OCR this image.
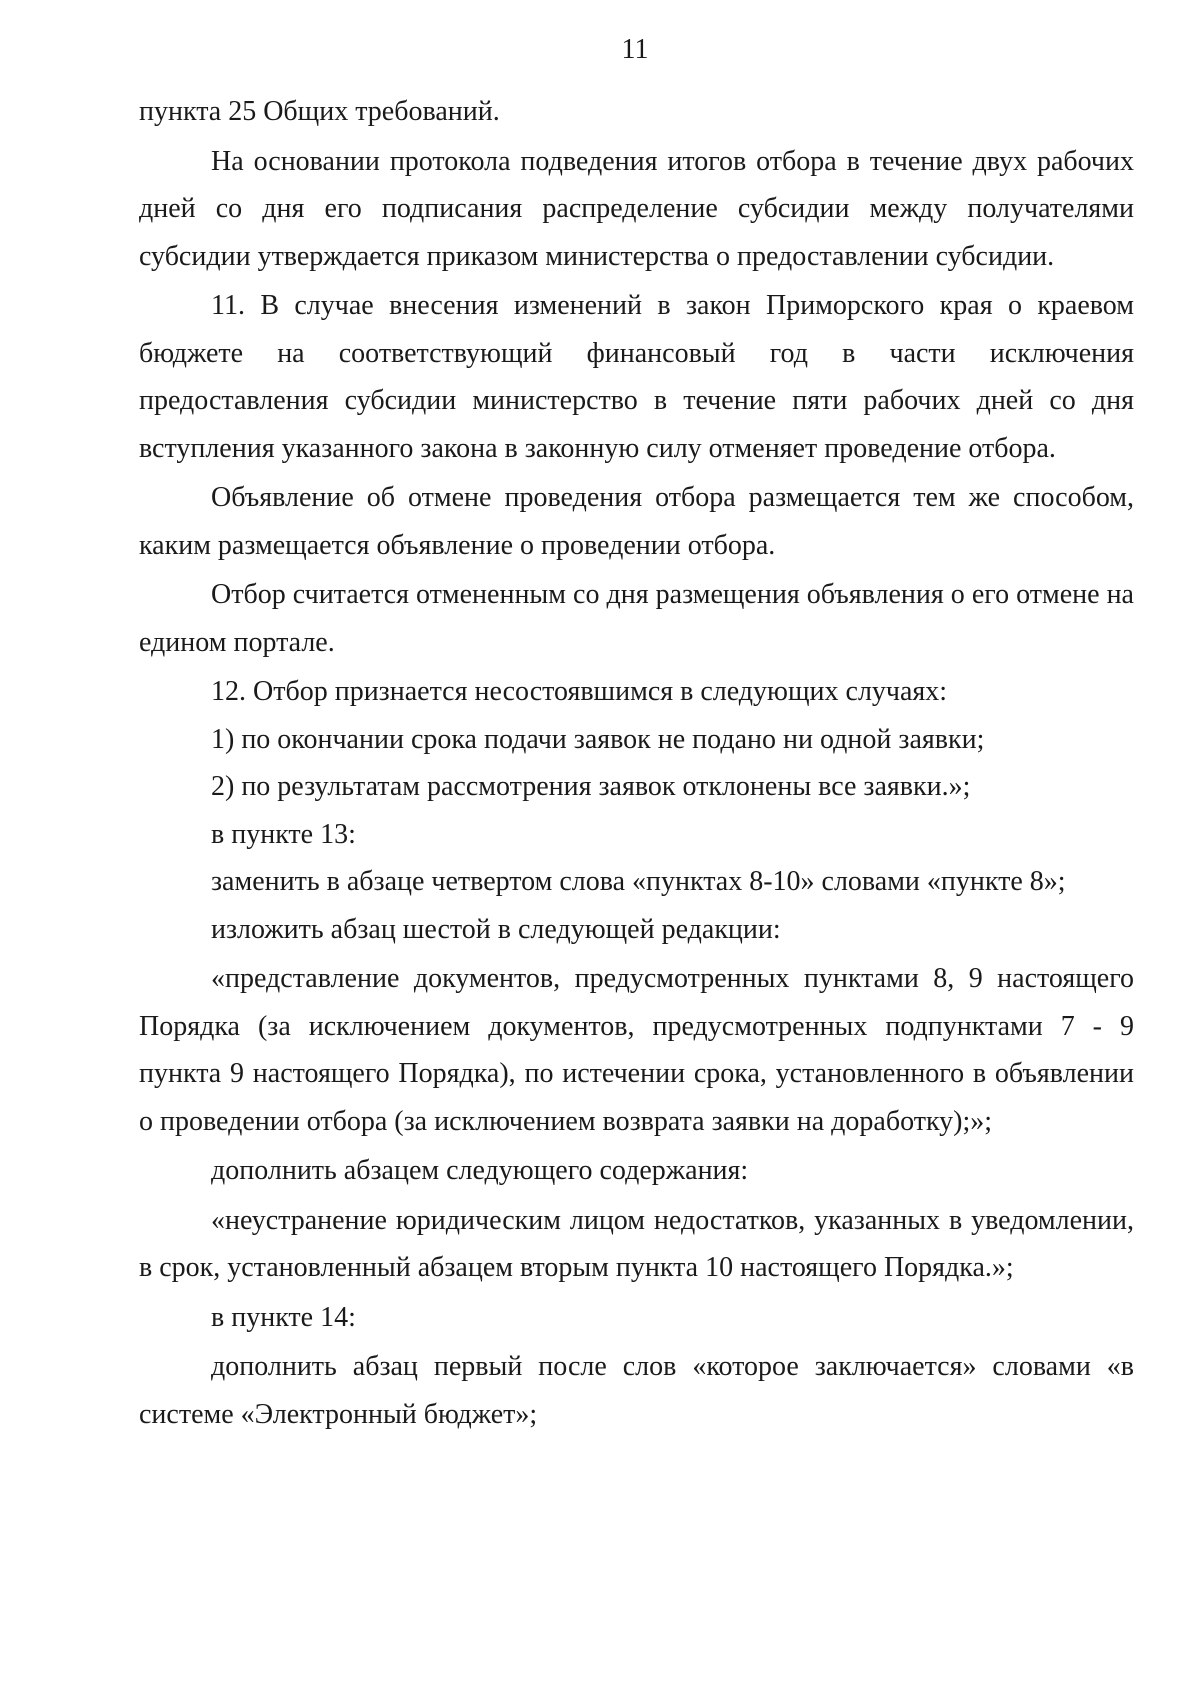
11

пункта 25 Общих требований.

На основании протокола подведения итогов отбора в течение двух рабочих дней со дня его подписания распределение субсидии между получателями субсидии утверждается приказом министерства о предоставлении субсидии.

11. В случае внесения изменений в закон Приморского края о краевом бюджете на соответствующий финансовый год в части исключения предоставления субсидии министерство в течение пяти рабочих дней со дня вступления указанного закона в законную силу отменяет проведение отбора.

Объявление об отмене проведения отбора размещается тем же способом, каким размещается объявление о проведении отбора.

Отбор считается отмененным со дня размещения объявления о его отмене на едином портале.

12. Отбор признается несостоявшимся в следующих случаях:

1) по окончании срока подачи заявок не подано ни одной заявки;

2) по результатам рассмотрения заявок отклонены все заявки.»;

в пункте 13:

заменить в абзаце четвертом слова «пунктах 8-10» словами «пункте 8»;

изложить абзац шестой в следующей редакции:

«представление документов, предусмотренных пунктами 8, 9 настоящего Порядка (за исключением документов, предусмотренных подпунктами 7 - 9 пункта 9 настоящего Порядка), по истечении срока, установленного в объявлении о проведении отбора (за исключением возврата заявки на доработку);»;

дополнить абзацем следующего содержания:

«неустранение юридическим лицом недостатков, указанных в уведомлении, в срок, установленный абзацем вторым пункта 10 настоящего Порядка.»;

в пункте 14:

дополнить абзац первый после слов «которое заключается» словами «в системе «Электронный бюджет»;
